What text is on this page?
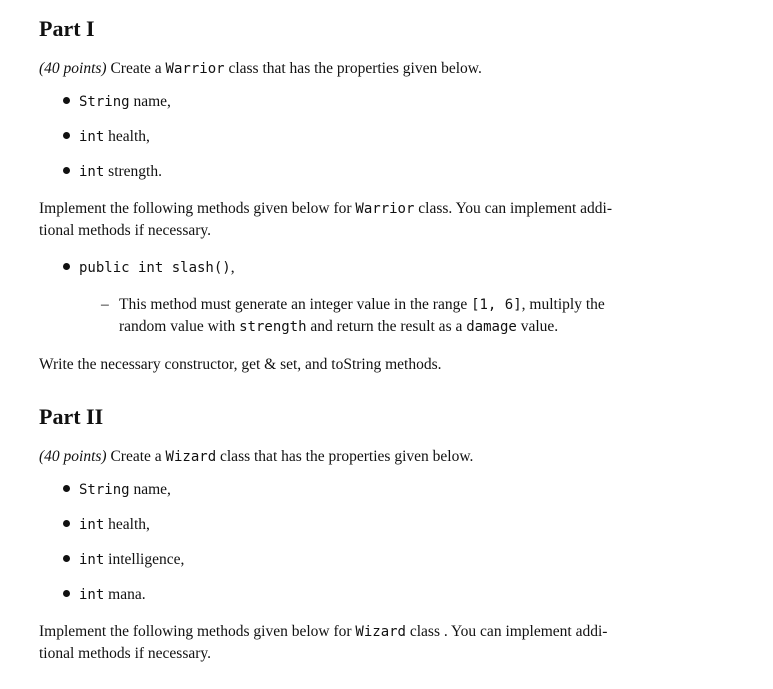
Part I
(40 points) Create a Warrior class that has the properties given below.
String name,
int health,
int strength.
Implement the following methods given below for Warrior class. You can implement addi-
tional methods if necessary.
public int slash(),
– This method must generate an integer value in the range [1, 6], multiply the
random value with strength and return the result as a damage value.
Write the necessary constructor, get & set, and toString methods.
Part II
(40 points) Create a Wizard class that has the properties given below.
String name,
int health,
int intelligence,
int mana.
Implement the following methods given below for Wizard class . You can implement addi-
tional methods if necessary.
